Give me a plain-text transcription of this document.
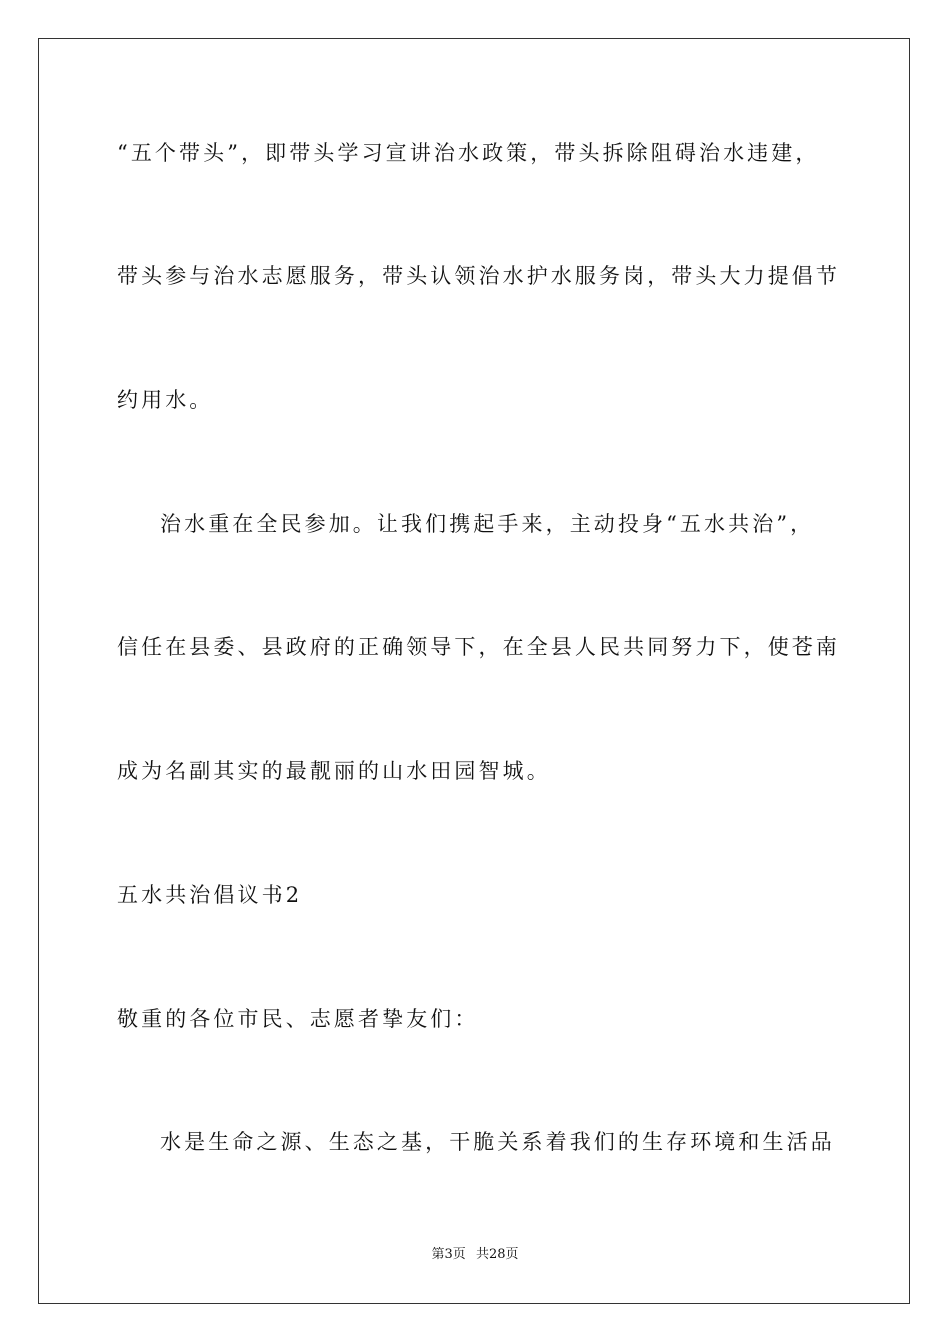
“五个带头”，即带头学习宣讲治水政策，带头拆除阻碍治水违建，
带头参与治水志愿服务，带头认领治水护水服务岗，带头大力提倡节
约用水。
治水重在全民参加。让我们携起手来，主动投身“五水共治”，
信任在县委、县政府的正确领导下，在全县人民共同努力下，使苍南
成为名副其实的最靓丽的山水田园智城。
五水共治倡议书2
敬重的各位市民、志愿者挚友们：
水是生命之源、生态之基，干脆关系着我们的生存环境和生活品
第3页 共28页
